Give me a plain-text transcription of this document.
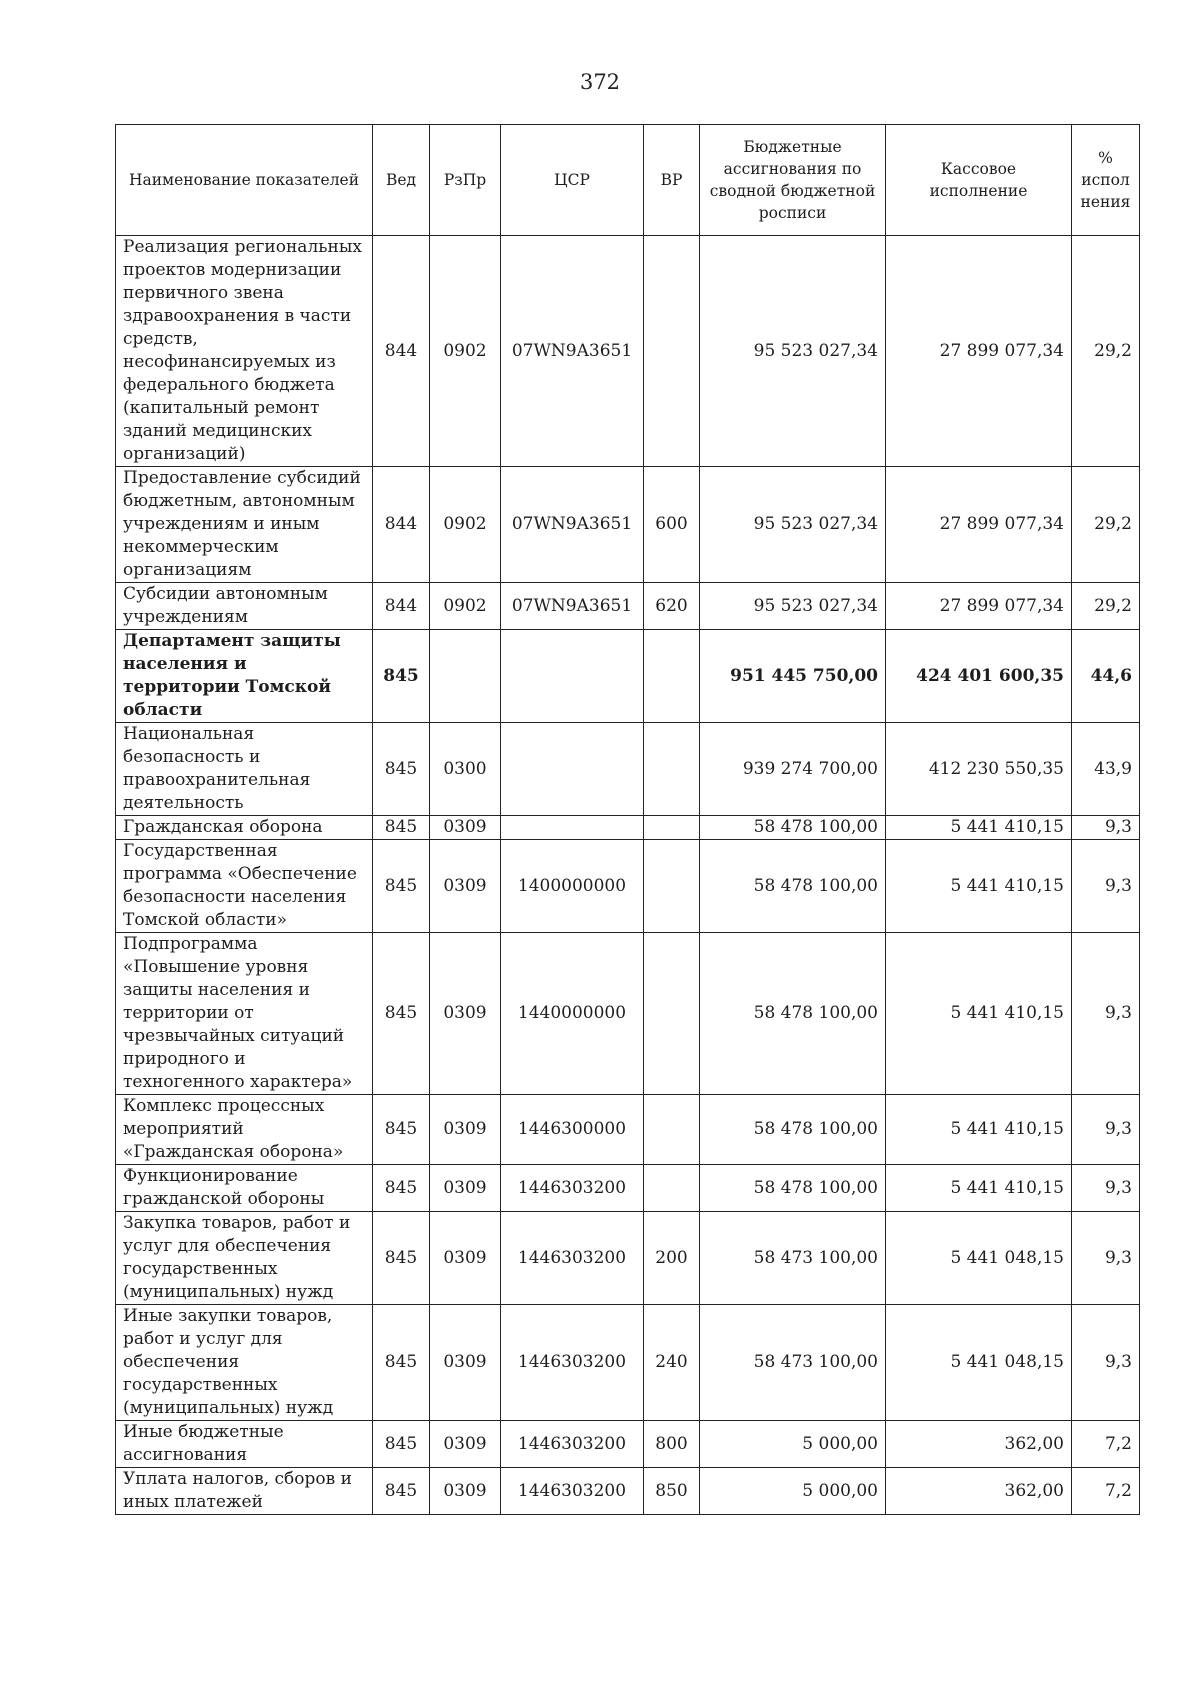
372
Наименование показателей	Вед	РзПр	ЦСР	ВР	Бюджетные ассигнования по сводной бюджетной росписи	Кассовое исполнение	% испол нения
Реализация региональных проектов модернизации первичного звена здравоохранения в части средств, несофинансируемых из федерального бюджета (капитальный ремонт зданий медицинских организаций)	844	0902	07WN9A3651		95 523 027,34	27 899 077,34	29,2
Предоставление субсидий бюджетным, автономным учреждениям и иным некоммерческим организациям	844	0902	07WN9A3651	600	95 523 027,34	27 899 077,34	29,2
Субсидии автономным учреждениям	844	0902	07WN9A3651	620	95 523 027,34	27 899 077,34	29,2
Департамент защиты населения и территории Томской области	845				951 445 750,00	424 401 600,35	44,6
Национальная безопасность и правоохранительная деятельность	845	0300			939 274 700,00	412 230 550,35	43,9
Гражданская оборона	845	0309			58 478 100,00	5 441 410,15	9,3
Государственная программа «Обеспечение безопасности населения Томской области»	845	0309	1400000000		58 478 100,00	5 441 410,15	9,3
Подпрограмма «Повышение уровня защиты населения и территории от чрезвычайных ситуаций природного и техногенного характера»	845	0309	1440000000		58 478 100,00	5 441 410,15	9,3
Комплекс процессных мероприятий «Гражданская оборона»	845	0309	1446300000		58 478 100,00	5 441 410,15	9,3
Функционирование гражданской обороны	845	0309	1446303200		58 478 100,00	5 441 410,15	9,3
Закупка товаров, работ и услуг для обеспечения государственных (муниципальных) нужд	845	0309	1446303200	200	58 473 100,00	5 441 048,15	9,3
Иные закупки товаров, работ и услуг для обеспечения государственных (муниципальных) нужд	845	0309	1446303200	240	58 473 100,00	5 441 048,15	9,3
Иные бюджетные ассигнования	845	0309	1446303200	800	5 000,00	362,00	7,2
Уплата налогов, сборов и иных платежей	845	0309	1446303200	850	5 000,00	362,00	7,2
